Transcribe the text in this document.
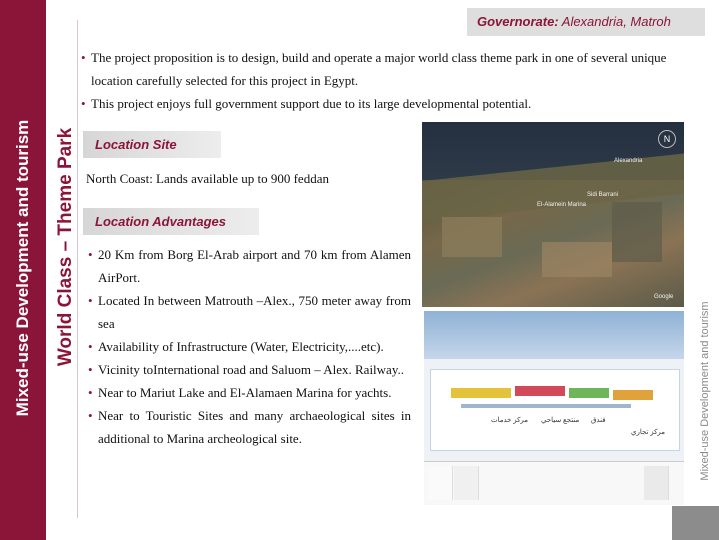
Mixed-use Development and tourism World Class – Theme Park
Governorate: Alexandria, Matroh
• The project proposition is to design, build and operate a major world class theme park in one of several unique location carefully selected for this project in Egypt.
• This project enjoys full government support due to its large developmental potential.
Location Site
North Coast: Lands available up to 900 feddan
Location Advantages
• 20 Km from Borg El-Arab airport and 70 km from Alamen AirPort.
• Located In between Matrouth –Alex., 750 meter away from sea
• Availability of Infrastructure (Water, Electricity,....etc).
• Vicinity toInternational road and Saluom – Alex. Railway..
• Near to Mariut Lake and El-Alamaen Marina for yachts.
• Near to Touristic Sites and many archaeological sites in additional to Marina archeological site.
N
Alexandria
Sidi Barrani
El-Alamein Marina
Google
مركز خدمات منتجع سياحي فندق
مركز تجاري	Mixed-use Development and tourism
